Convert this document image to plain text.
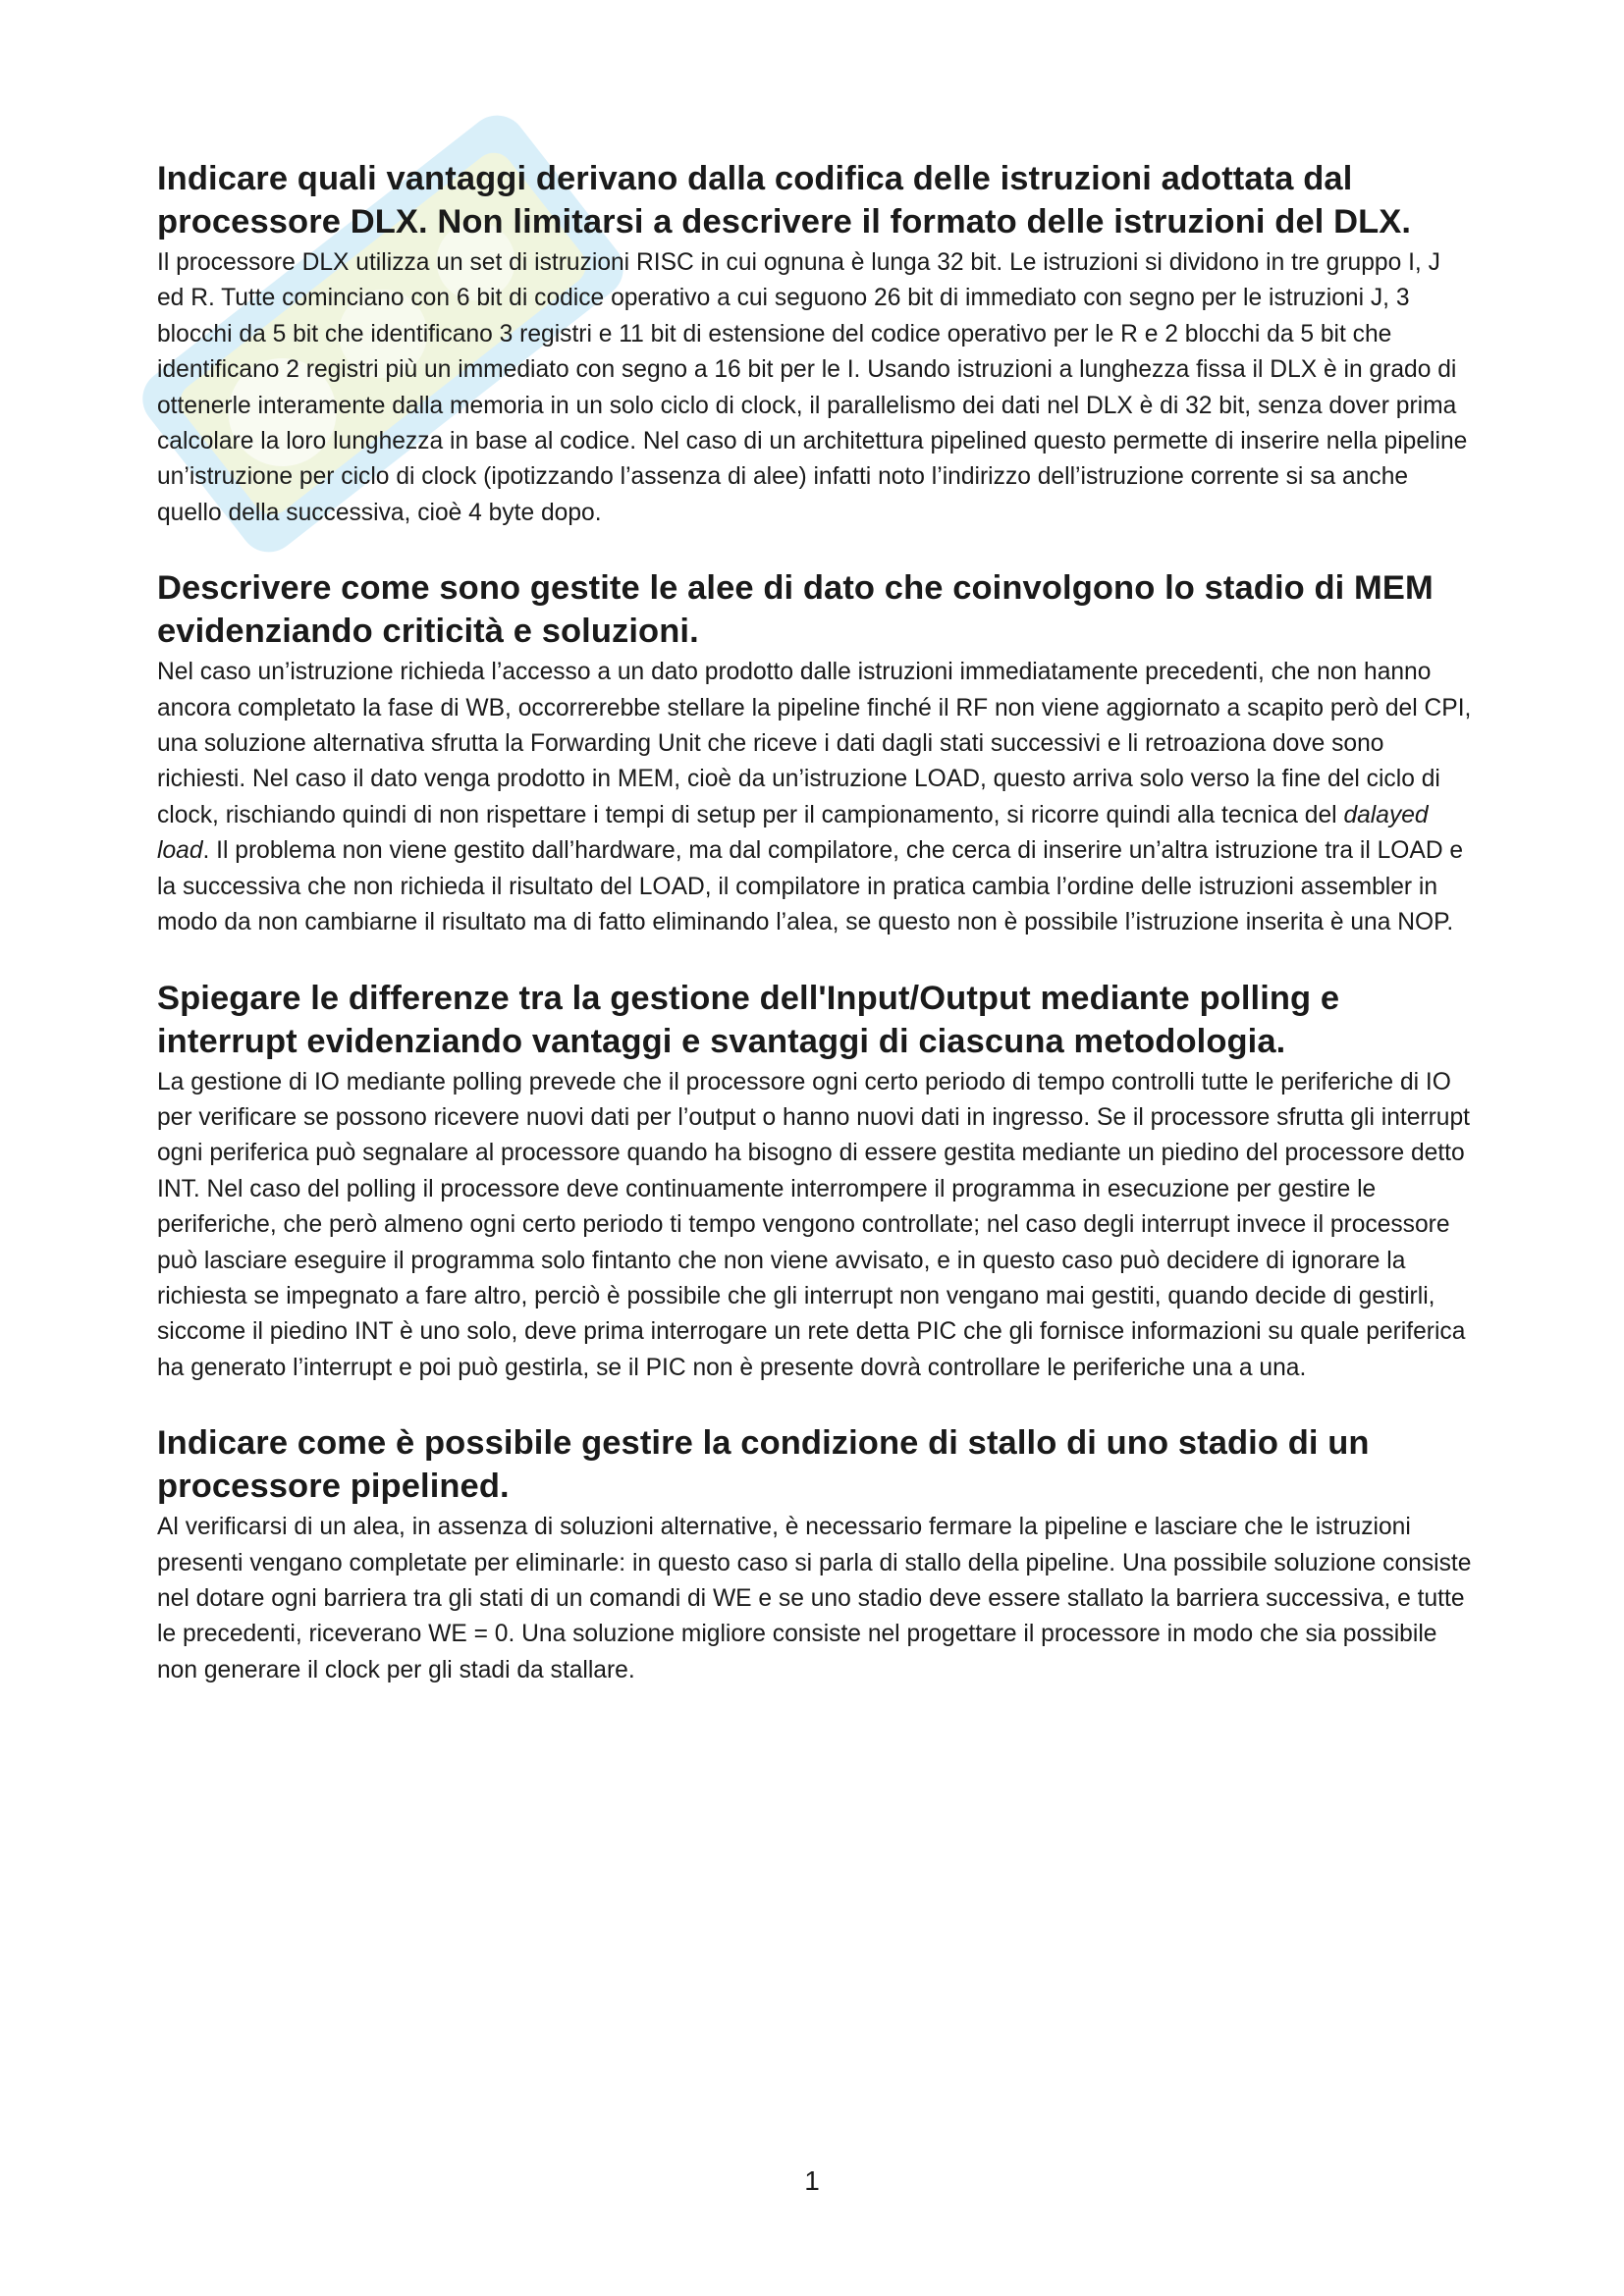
Indicare quali vantaggi derivano dalla codifica delle istruzioni adottata dal processore DLX. Non limitarsi a descrivere il formato delle istruzioni del DLX.

Il processore DLX utilizza un set di istruzioni RISC in cui ognuna è lunga 32 bit. Le istruzioni si dividono in tre gruppo I, J ed R. Tutte cominciano con 6 bit di codice operativo a cui seguono 26 bit di immediato con segno per le istruzioni J, 3 blocchi da 5 bit che identificano 3 registri e 11 bit di estensione del codice operativo per le R e 2 blocchi da 5 bit che identificano 2 registri più un immediato con segno a 16 bit per le I. Usando istruzioni a lunghezza fissa il DLX è in grado di ottenerle interamente dalla memoria in un solo ciclo di clock, il parallelismo dei dati nel DLX è di 32 bit, senza dover prima calcolare la loro lunghezza in base al codice. Nel caso di un architettura pipelined questo permette di inserire nella pipeline un’istruzione per ciclo di clock (ipotizzando l’assenza di alee) infatti noto l’indirizzo dell’istruzione corrente si sa anche quello della successiva, cioè 4 byte dopo.

Descrivere come sono gestite le alee di dato che coinvolgono lo stadio di MEM evidenziando criticità e soluzioni.

Nel caso un’istruzione richieda l’accesso a un dato prodotto dalle istruzioni immediatamente precedenti, che non hanno ancora completato la fase di WB, occorrerebbe stellare la pipeline finché il RF non viene aggiornato a scapito però del CPI, una soluzione alternativa sfrutta la Forwarding Unit che riceve i dati dagli stati successivi e li retroaziona dove sono richiesti. Nel caso il dato venga prodotto in MEM, cioè da un’istruzione LOAD, questo arriva solo verso la fine del ciclo di clock, rischiando quindi di non rispettare i tempi di setup per il campionamento, si ricorre quindi alla tecnica del dalayed load. Il problema non viene gestito dall’hardware, ma dal compilatore, che cerca di inserire un’altra istruzione tra il LOAD e la successiva che non richieda il risultato del LOAD, il compilatore in pratica cambia l’ordine delle istruzioni assembler in modo da non cambiarne il risultato ma di fatto eliminando l’alea, se questo non è possibile l’istruzione inserita è una NOP.

Spiegare le differenze tra la gestione dell'Input/Output mediante polling e interrupt evidenziando vantaggi e svantaggi di ciascuna metodologia.

La gestione di IO mediante polling prevede che il processore ogni certo periodo di tempo controlli tutte le periferiche di IO per verificare se possono ricevere nuovi dati per l’output o hanno nuovi dati in ingresso. Se il processore sfrutta gli interrupt ogni periferica può segnalare al processore quando ha bisogno di essere gestita mediante un piedino del processore detto INT. Nel caso del polling il processore deve continuamente interrompere il programma in esecuzione per gestire le periferiche, che però almeno ogni certo periodo ti tempo vengono controllate; nel caso degli interrupt invece il processore può lasciare eseguire il programma solo fintanto che non viene avvisato, e in questo caso può decidere di ignorare la richiesta se impegnato a fare altro, perciò è possibile che gli interrupt non vengano mai gestiti, quando decide di gestirli, siccome il piedino INT è uno solo, deve prima interrogare un rete detta PIC che gli fornisce informazioni su quale periferica ha generato l’interrupt e poi può gestirla, se il PIC non è presente dovrà controllare le periferiche una a una.

Indicare come è possibile gestire la condizione di stallo di uno stadio di un processore pipelined.

Al verificarsi di un alea, in assenza di soluzioni alternative, è necessario fermare la pipeline e lasciare che le istruzioni presenti vengano completate per eliminarle: in questo caso si parla di stallo della pipeline. Una possibile soluzione consiste nel dotare ogni barriera tra gli stati di un comandi di WE e se uno stadio deve essere stallato la barriera successiva, e tutte le precedenti, riceverano WE = 0. Una soluzione migliore consiste nel progettare il processore in modo che sia possibile non generare il clock per gli stadi da stallare.

1
